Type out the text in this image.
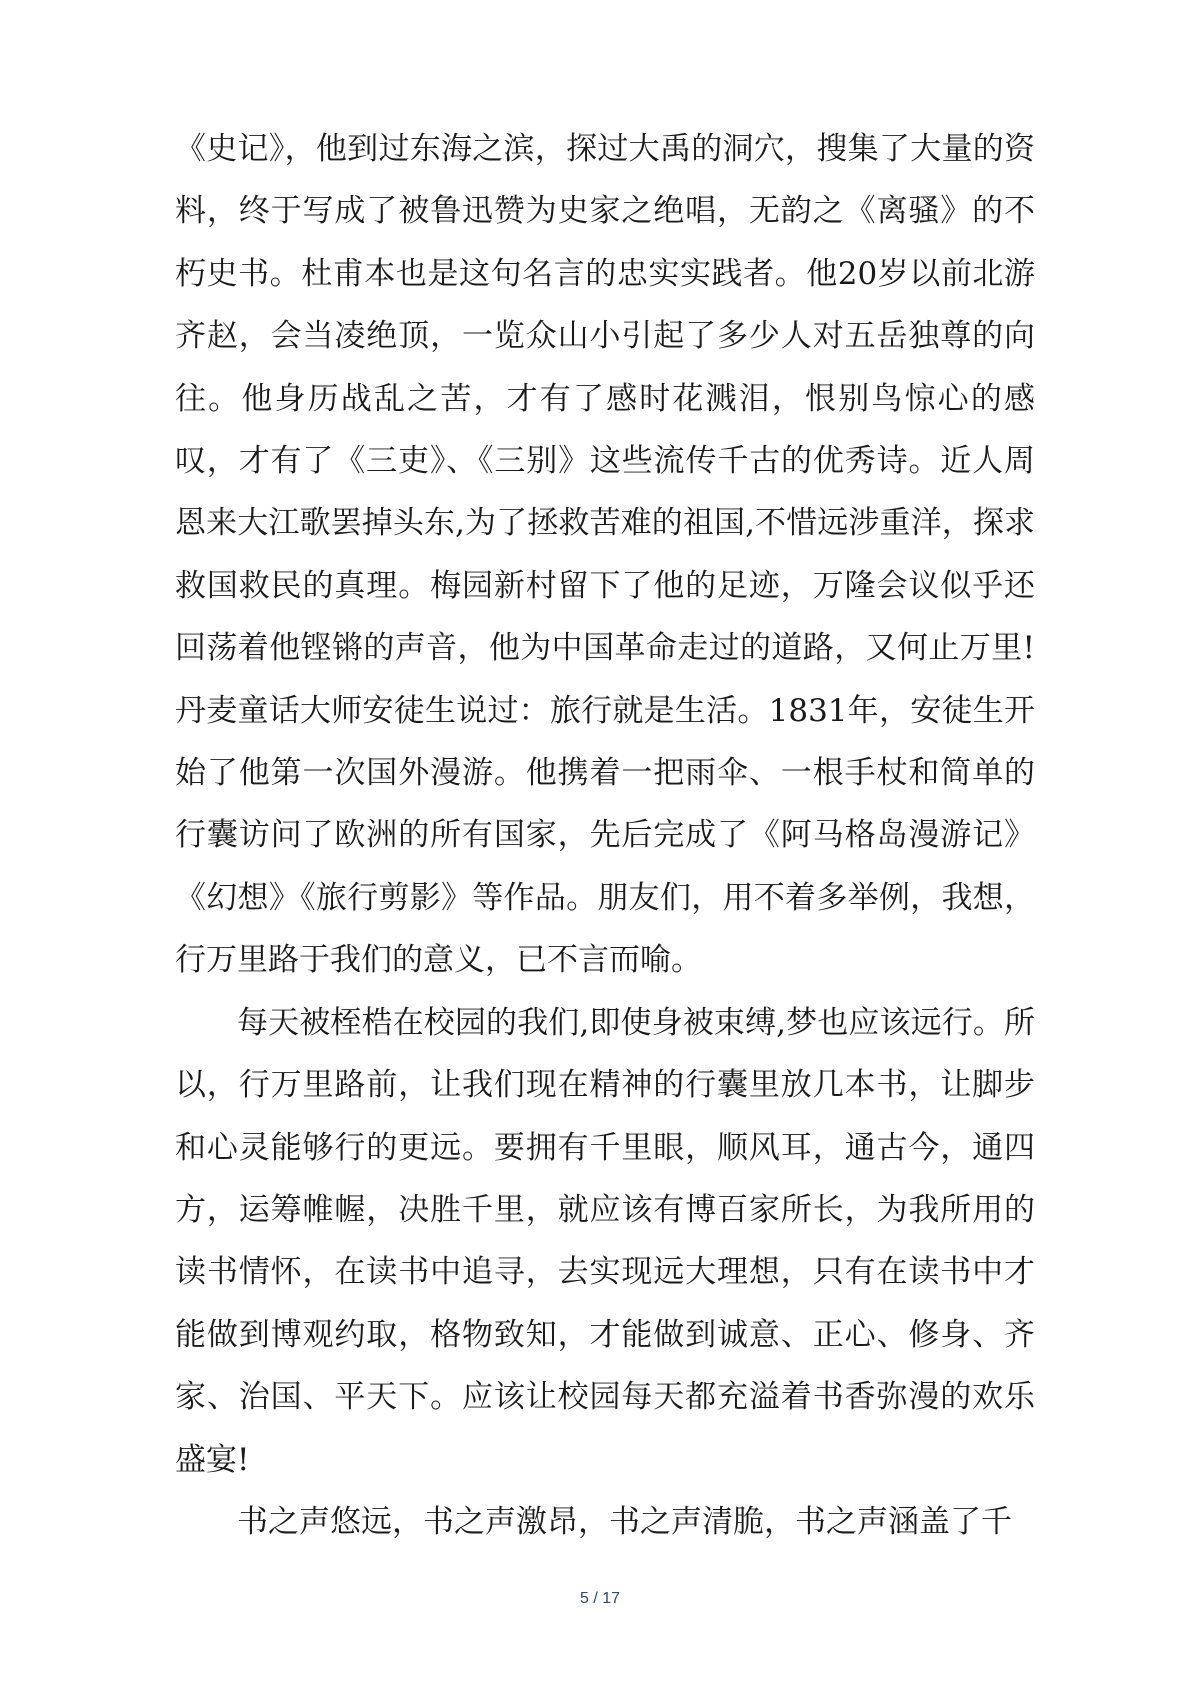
《史记》，他到过东海之滨，探过大禹的洞穴，搜集了大量的资料，终于写成了被鲁迅赞为史家之绝唱，无韵之《离骚》的不朽史书。杜甫本也是这句名言的忠实实践者。他20岁以前北游齐赵，会当凌绝顶，一览众山小引起了多少人对五岳独尊的向往。他身历战乱之苦，才有了感时花溅泪，恨别鸟惊心的感叹，才有了《三吏》、《三别》这些流传千古的优秀诗。近人周恩来大江歌罢掉头东,为了拯救苦难的祖国,不惜远涉重洋，探求救国救民的真理。梅园新村留下了他的足迹，万隆会议似乎还回荡着他铿锵的声音，他为中国革命走过的道路，又何止万里!丹麦童话大师安徒生说过：旅行就是生活。1831年，安徒生开始了他第一次国外漫游。他携着一把雨伞、一根手杖和简单的行囊访问了欧洲的所有国家，先后完成了《阿马格岛漫游记》《幻想》《旅行剪影》等作品。朋友们，用不着多举例，我想，行万里路于我们的意义，已不言而喻。

每天被桎梏在校园的我们,即使身被束缚,梦也应该远行。所以，行万里路前，让我们现在精神的行囊里放几本书，让脚步和心灵能够行的更远。要拥有千里眼，顺风耳，通古今，通四方，运筹帷幄，决胜千里，就应该有博百家所长，为我所用的读书情怀，在读书中追寻，去实现远大理想，只有在读书中才能做到博观约取，格物致知，才能做到诚意、正心、修身、齐家、治国、平天下。应该让校园每天都充溢着书香弥漫的欢乐盛宴!

书之声悠远，书之声激昂，书之声清脆，书之声涵盖了千

5 / 17
